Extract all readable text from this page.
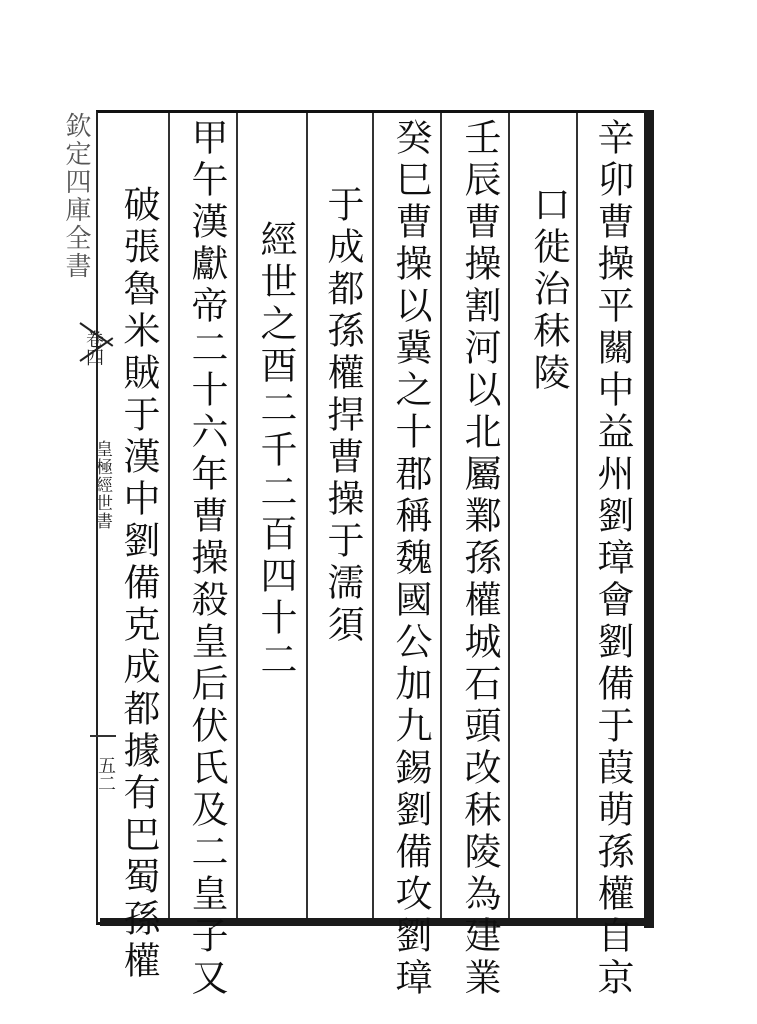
欽定四庫全書
卷四
皇極經世書
五二	辛卯曹操平關中益州劉璋會劉備于葭萌孫權自京
口徙治秣陵
壬辰曹操割河以北屬鄴孫權城石頭改秣陵為建業
癸巳曹操以冀之十郡稱魏國公加九錫劉備攻劉璋
于成都孫權捍曹操于濡須
經世之酉二千二百四十二
甲午漢獻帝二十六年曹操殺皇后伏氏及二皇子又
破張魯米賊于漢中劉備克成都據有巴蜀孫權
